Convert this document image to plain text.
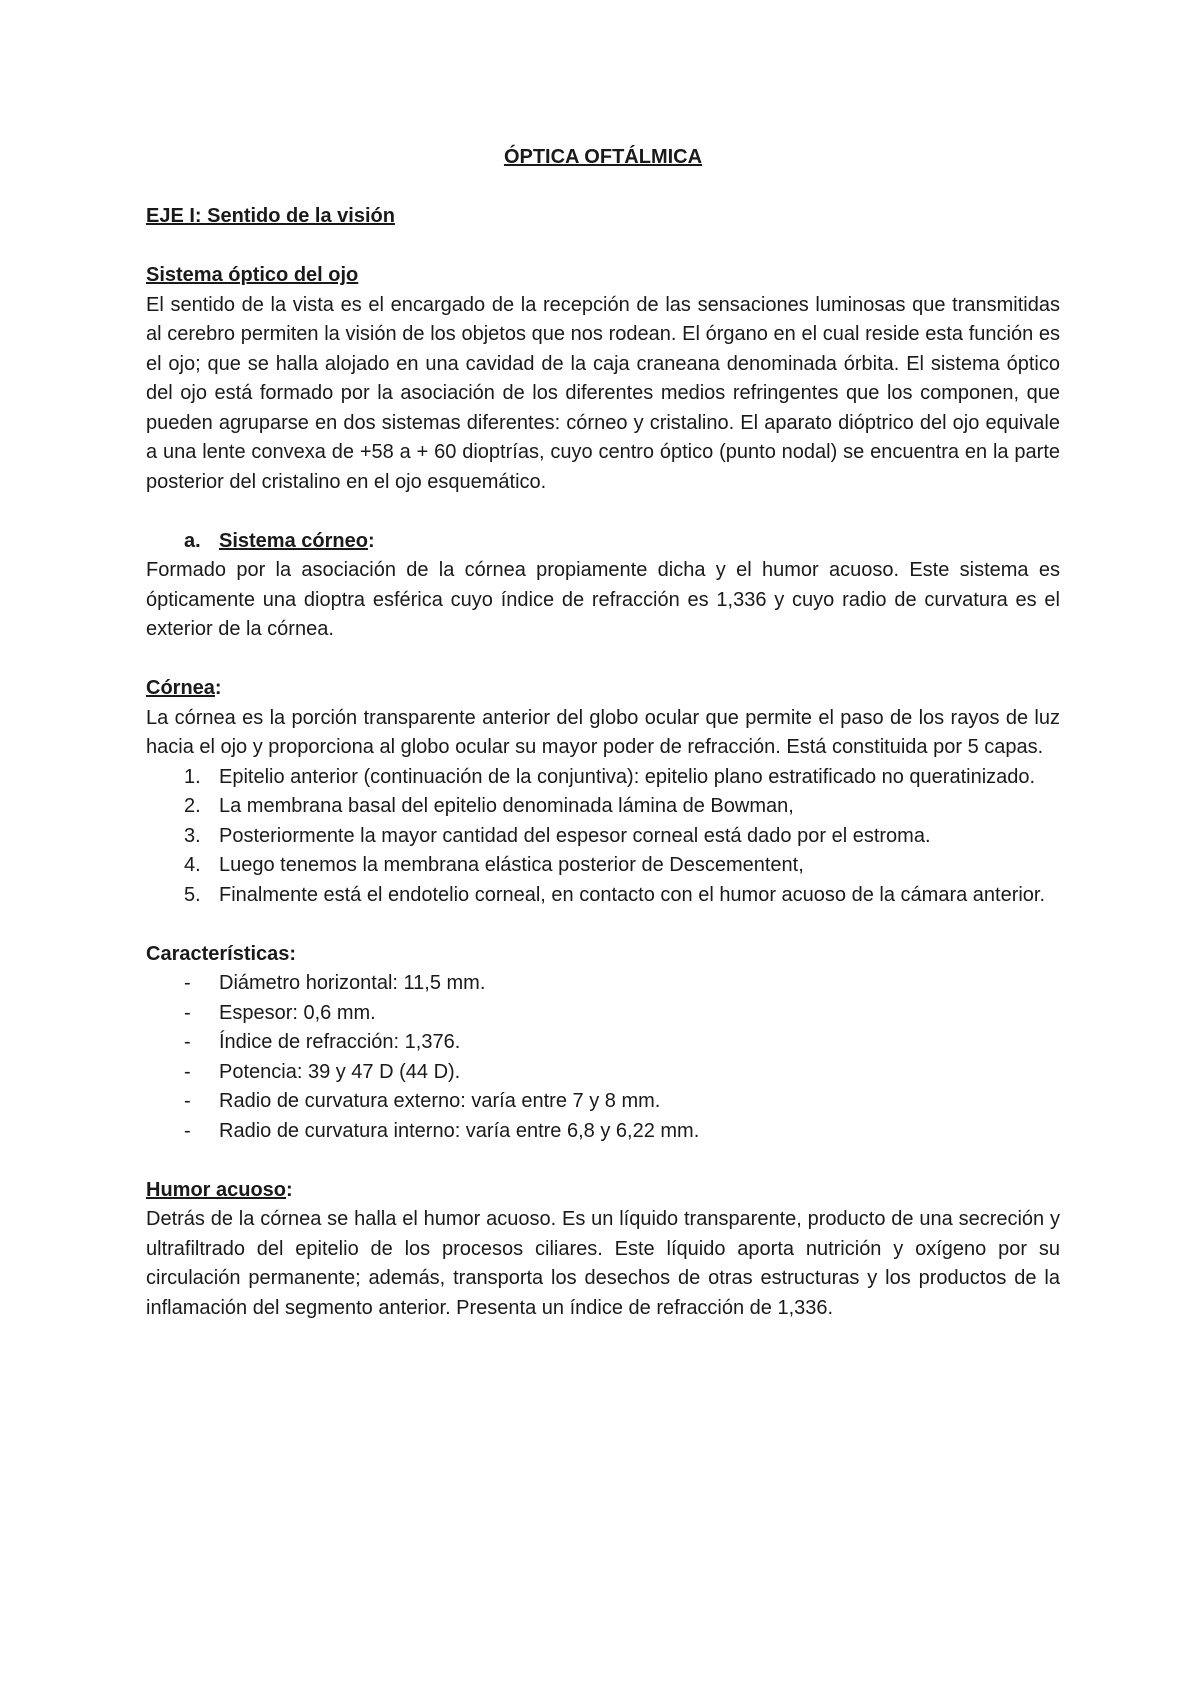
ÓPTICA OFTÁLMICA

EJE I: Sentido de la visión

Sistema óptico del ojo

El sentido de la vista es el encargado de la recepción de las sensaciones luminosas que transmitidas al cerebro permiten la visión de los objetos que nos rodean. El órgano en el cual reside esta función es el ojo; que se halla alojado en una cavidad de la caja craneana denominada órbita. El sistema óptico del ojo está formado por la asociación de los diferentes medios refringentes que los componen, que pueden agruparse en dos sistemas diferentes: córneo y cristalino. El aparato dióptrico del ojo equivale a una lente convexa de +58 a + 60 dioptrías, cuyo centro óptico (punto nodal) se encuentra en la parte posterior del cristalino en el ojo esquemático.

a. Sistema córneo:

Formado por la asociación de la córnea propiamente dicha y el humor acuoso. Este sistema es ópticamente una dioptra esférica cuyo índice de refracción es 1,336 y cuyo radio de curvatura es el exterior de la córnea.

Córnea:

La córnea es la porción transparente anterior del globo ocular que permite el paso de los rayos de luz hacia el ojo y proporciona al globo ocular su mayor poder de refracción. Está constituida por 5 capas.

1. Epitelio anterior (continuación de la conjuntiva): epitelio plano estratificado no queratinizado.
2. La membrana basal del epitelio denominada lámina de Bowman,
3. Posteriormente la mayor cantidad del espesor corneal está dado por el estroma.
4. Luego tenemos la membrana elástica posterior de Descementent,
5. Finalmente está el endotelio corneal, en contacto con el humor acuoso de la cámara anterior.

Características:

- Diámetro horizontal: 11,5 mm.
- Espesor: 0,6 mm.
- Índice de refracción: 1,376.
- Potencia: 39 y 47 D (44 D).
- Radio de curvatura externo: varía entre 7 y 8 mm.
- Radio de curvatura interno: varía entre 6,8 y 6,22 mm.

Humor acuoso:

Detrás de la córnea se halla el humor acuoso. Es un líquido transparente, producto de una secreción y ultrafiltrado del epitelio de los procesos ciliares. Este líquido aporta nutrición y oxígeno por su circulación permanente; además, transporta los desechos de otras estructuras y los productos de la inflamación del segmento anterior. Presenta un índice de refracción de 1,336.
